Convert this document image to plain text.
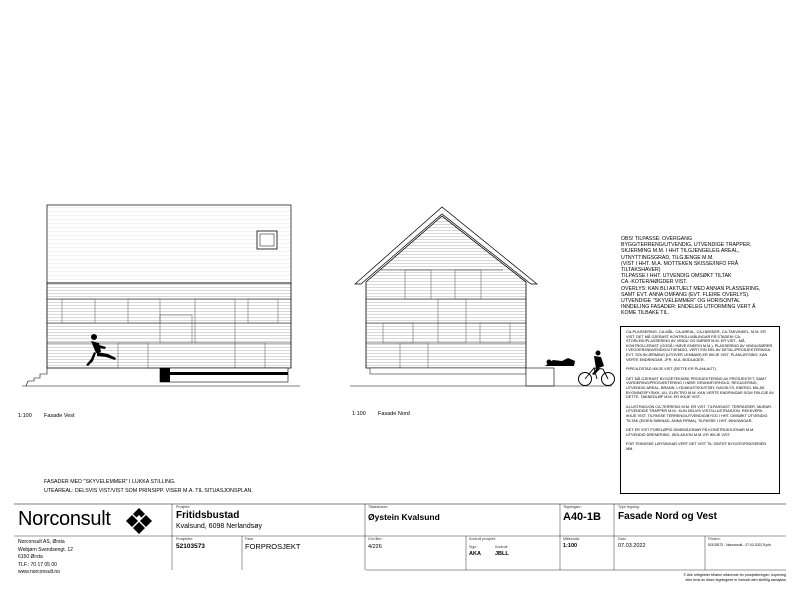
1:100 Fasade Vest	1:100 Fasade Nord

OBS! TILPASSE: OVERGANG

BYGG/TERRENG/UTVENDIG, UTVENDIGE TRAPPER,

SKJERMING M.M. I HHT TILGJENGELEG AREAL,

UTNYTTINGSGRAD, TILGJENGE M.M.

(VIST I HHT. M.A. MOTTEKEN SKISSE/INFO FRÅ

TILTAKSHAVER)

TILPASSE I HHT. UTVENDIG OMSØKT TILTAK

CA.-KOTER/HØGDER VIST.

OVERLYS: KAN BLI AKTUELT MED ANNAN PLASSERING,

SAMT EVT. ANNA OMFANG (EVT. FLEIRE OVERLYS).

UTVENDIGE "SKYVELEMMER" OG HORISONTAL

INNDELING FASADER: ENDELEG UTFORMING VERT Å

KOME TILBAKE TIL.

CA-PLASSERING, CA-MÅL, CA-AREAL, CA-HØGDER, CA-TAKVINKEL, M.M. ER VIST. DET MÅ GJERAST KONTROLLMÅLINGAR PÅ STADEN! CA-STORLEIK/PLASSERING AV VINDU OG DØRER M.M. ER VIST - MÅ KONTROLLERAST (OGSÅ I HØVE ENERGI M.M.). PLASSERING AV VINDU/DØRER I VEGGER/INNVENDIG/UTVENDIG, VERT EIN DEL AV DETALJPROSJEKTERINGA. EVT. SOLSKJERMING (UTOVER LEMMAR) ER IKKJE VIST. PLANLØYSING: KAN VERTE ENDRINGAR, JFR. M.A. BODLAGER.

PIPE/ILDSTAD IKKJE VIST (DETTE ER PLANLAGT).

DET MÅ GJERAST BYGGETEKNISK PROSJEKTERING AV PROSJEKTET, SAMT VURDERING/PROSJEKTERING I HØVE GRUNNFORHOLD, REGULERING, UTVENDIG AREAL, BRANN, LYD/AKUSTIKK/STØY, DAGSLYS, ENERGI, MILJØ, BYGNINGSFYSIKK, UU, ELEKTRO M.M. KAN VERTE ENDRINGAR SOM FØLGJE AV DETTE. TAKNEDLØP M.M. ER IKKJE VIST.

ILLUSTRASJON CA-TERRENG M.M. ER VIST. TILPASSAST. TERRASSER, MURAR, UTVENDIGE TRAPPER M.M.: KUN DELVIS VIST/ILLUSTRASJON. REKKVERK IKKJE VIST. TILPASSE TERRENG/UTVENDIG/BYGG I HHT. OMSØKT UTVENDIG TILTAK (EIGEN SØKNAD, ANNA FIRMA). TILPASSE I HHT. INNGANGAR.

DET ER VIST FORELØPIG DIMENSJONAR PÅ KONSTRUKSJONAR M.M. UTVENDIG DRENERING, ISOLASJON M.M. ER IKKJE VIST.

FOR TEKNISKE LØYSINGAR VERT DET VIST TIL SINTEF BYGGFORSKSERIEN MM.

FASADER MED "SKYVELEMMER" I LUKKA STILLING.
UTEAREAL: DELSVIS VIST/VIST SOM PRINSIPP. VISER M.A. TIL SITUASJONSPLAN.
Norconsult
Norconsult AS, Ørsta
Webjørn Svendsengt. 12
6150 Ørsta
TLF.: 70 17 05 00
www.norconsult.no
Prosjekt:
Fritidsbustad
Kvalsund, 6098 Nerlandsøy
Tiltakshaver:
Øystein Kvalsund
Tegningsnr:
A40-1B
Type tegning:
Fasade Nord og Vest
Prosjektnr:
52103573
Fase:
FORPROSJEKT
Gnr./Bnr.:
4/226
Kontroll prosjekt:
Sign.:	Kontroll:
AKA	JBLL
Målestokk:
1:100
Dato:
07.03.2022
Filnavn:
52103573 - Norconsult - 07.03.2022 B.pln
© Alle rettigheter tilhører utførende for prosjekteringen, kopiering
eller bruk av disse tegningene er forbudt uten skriftlig samtykke
